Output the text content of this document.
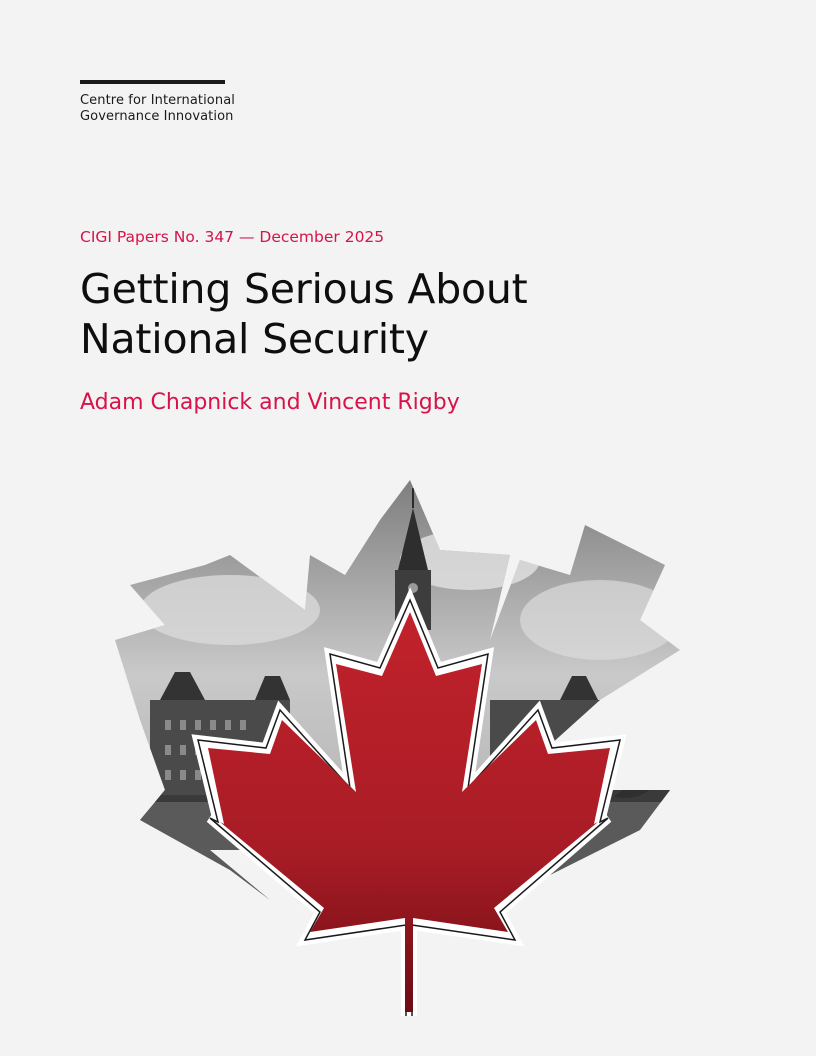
Centre for International
Governance Innovation
CIGI Papers No. 347 — December 2025
Getting Serious About
National Security
Adam Chapnick and Vincent Rigby
